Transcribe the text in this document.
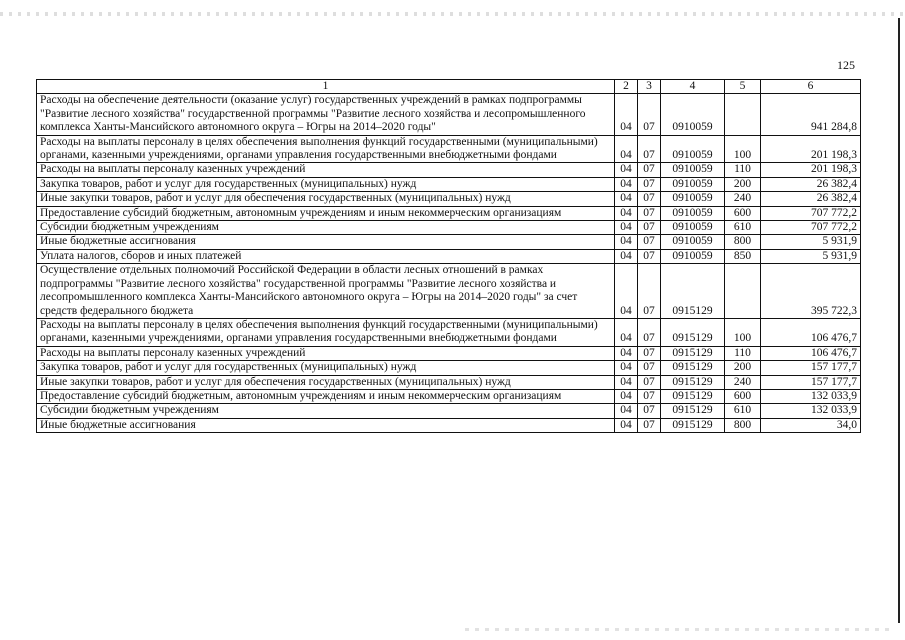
125
1	2	3	4	5	6
Расходы на обеспечение деятельности (оказание услуг) государственных учреждений в рамках подпрограммы "Развитие лесного хозяйства" государственной программы "Развитие лесного хозяйства и лесопромышленного комплекса Ханты-Мансийского автономного округа – Югры на 2014–2020 годы"	04	07	0910059		941 284,8
Расходы на выплаты персоналу в целях обеспечения выполнения функций государственными (муниципальными) органами, казенными учреждениями, органами управления государственными внебюджетными фондами	04	07	0910059	100	201 198,3
Расходы на выплаты персоналу казенных учреждений	04	07	0910059	110	201 198,3
Закупка товаров, работ и услуг для государственных (муниципальных) нужд	04	07	0910059	200	26 382,4
Иные закупки товаров, работ и услуг для обеспечения государственных (муниципальных) нужд	04	07	0910059	240	26 382,4
Предоставление субсидий бюджетным, автономным учреждениям и иным некоммерческим организациям	04	07	0910059	600	707 772,2
Субсидии бюджетным учреждениям	04	07	0910059	610	707 772,2
Иные бюджетные ассигнования	04	07	0910059	800	5 931,9
Уплата налогов, сборов и иных платежей	04	07	0910059	850	5 931,9
Осуществление отдельных полномочий Российской Федерации в области лесных отношений в рамках подпрограммы "Развитие лесного хозяйства" государственной программы "Развитие лесного хозяйства и лесопромышленного комплекса Ханты-Мансийского автономного округа – Югры на 2014–2020 годы" за счет средств федерального бюджета	04	07	0915129		395 722,3
Расходы на выплаты персоналу в целях обеспечения выполнения функций государственными (муниципальными) органами, казенными учреждениями, органами управления государственными внебюджетными фондами	04	07	0915129	100	106 476,7
Расходы на выплаты персоналу казенных учреждений	04	07	0915129	110	106 476,7
Закупка товаров, работ и услуг для государственных (муниципальных) нужд	04	07	0915129	200	157 177,7
Иные закупки товаров, работ и услуг для обеспечения государственных (муниципальных) нужд	04	07	0915129	240	157 177,7
Предоставление субсидий бюджетным, автономным учреждениям и иным некоммерческим организациям	04	07	0915129	600	132 033,9
Субсидии бюджетным учреждениям	04	07	0915129	610	132 033,9
Иные бюджетные ассигнования	04	07	0915129	800	34,0
